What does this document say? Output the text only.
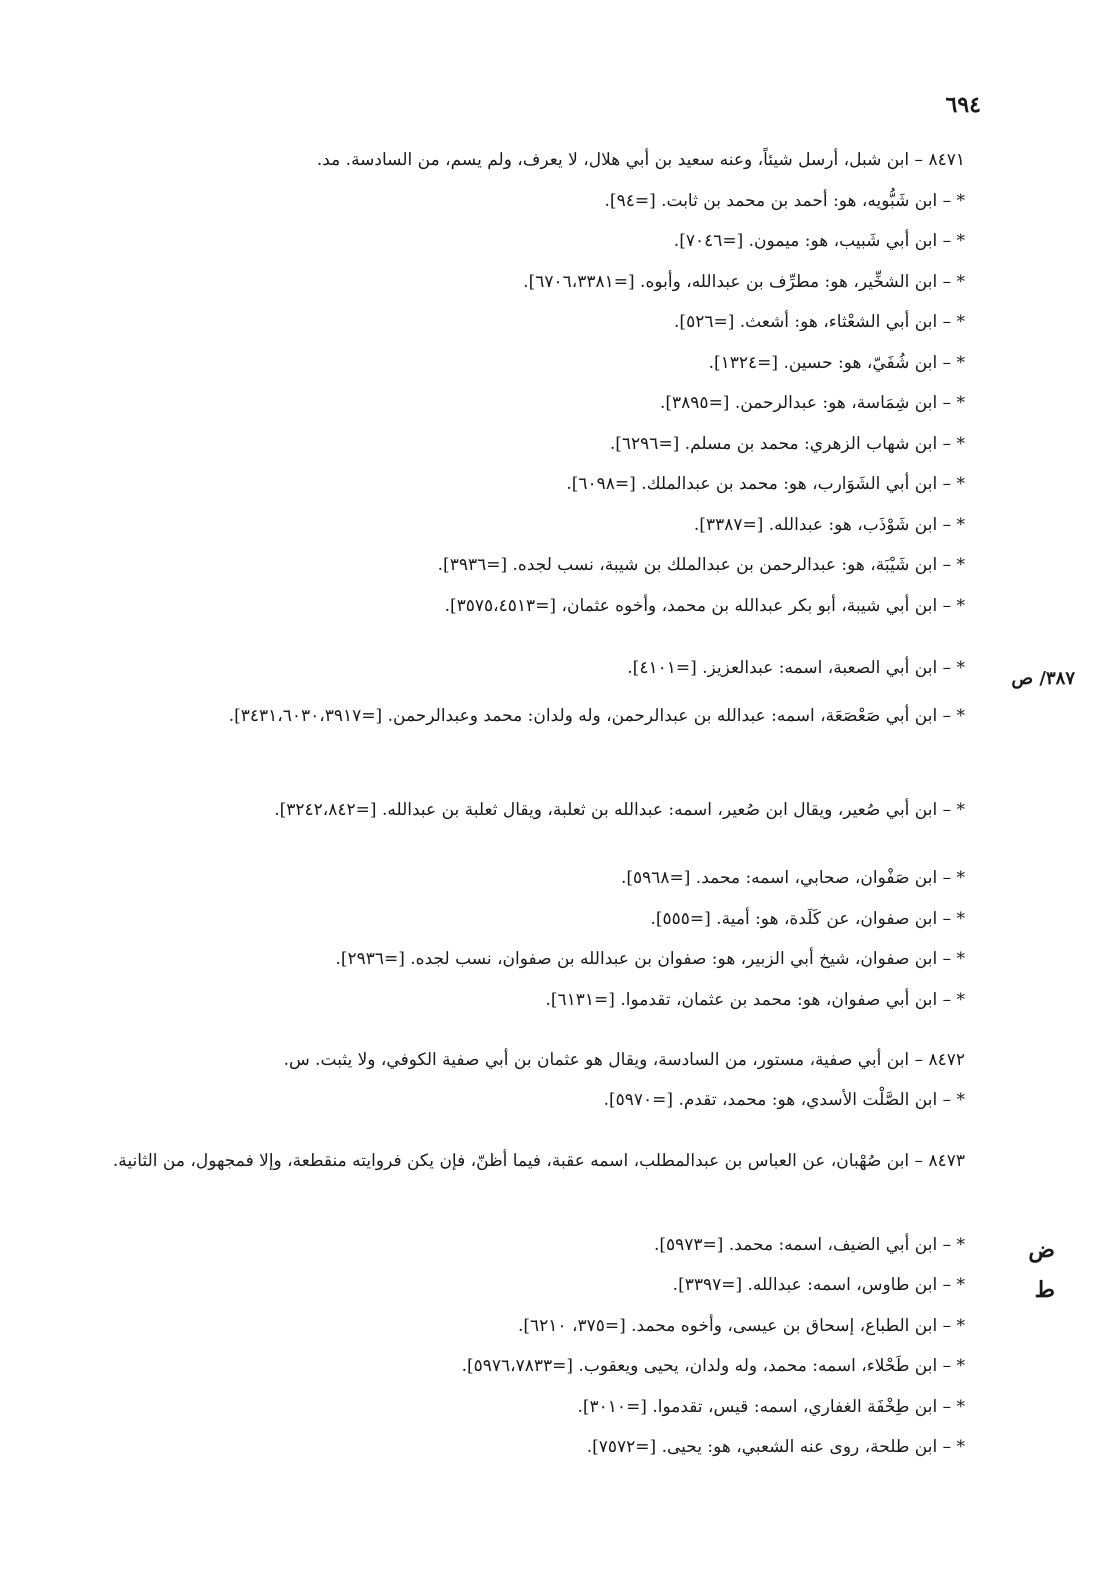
٦٩٤
٣٨٧/ ص
ض
ط
٨٤٧١ – ابن شبل، أرسل شيئاً، وعنه سعيد بن أبي هلال، لا يعرف، ولم يسم، من السادسة. مد.
* – ابن شَبُّويه، هو: أحمد بن محمد بن ثابت. [=٩٤].
* – ابن أبي شَبيب، هو: ميمون. [=٧٠٤٦].
* – ابن الشخِّير، هو: مطرِّف بن عبدالله، وأبوه. [=٦٧٠٦،٣٣٨١].
* – ابن أبي الشعْثاء، هو: أشعث. [=٥٢٦].
* – ابن شُفَيّ، هو: حسين. [=١٣٢٤].
* – ابن شِمَاسة، هو: عبدالرحمن. [=٣٨٩٥].
* – ابن شهاب الزهري: محمد بن مسلم. [=٦٢٩٦].
* – ابن أبي الشَوَارب، هو: محمد بن عبدالملك. [=٦٠٩٨].
* – ابن شَوْذَب، هو: عبدالله. [=٣٣٨٧].
* – ابن شَيْبَة، هو: عبدالرحمن بن عبدالملك بن شيبة، نسب لجده. [=٣٩٣٦].
* – ابن أبي شيبة، أبو بكر عبدالله بن محمد، وأخوه عثمان، [=٣٥٧٥،٤٥١٣].
* – ابن أبي الصعبة، اسمه: عبدالعزيز. [=٤١٠١].
* – ابن أبي صَعْصَعَة، اسمه: عبدالله بن عبدالرحمن، وله ولدان: محمد وعبدالرحمن. [=٣٤٣١،٦٠٣٠،٣٩١٧].
* – ابن أبي صُعير، ويقال ابن صُعير، اسمه: عبدالله بن ثعلبة، ويقال ثعلبة بن عبدالله. [=٣٢٤٢،٨٤٢].
* – ابن صَفْوان، صحابي، اسمه: محمد. [=٥٩٦٨].
* – ابن صفوان، عن كَلَدة، هو: أمية. [=٥٥٥].
* – ابن صفوان، شيخ أبي الزبير، هو: صفوان بن عبدالله بن صفوان، نسب لجده. [=٢٩٣٦].
* – ابن أبي صفوان، هو: محمد بن عثمان، تقدموا. [=٦١٣١].
٨٤٧٢ – ابن أبي صفية، مستور، من السادسة، ويقال هو عثمان بن أبي صفية الكوفي، ولا يثبت. س.
* – ابن الصَّلْت الأسدي، هو: محمد، تقدم. [=٥٩٧٠].
٨٤٧٣ – ابن صُهْبان، عن العباس بن عبدالمطلب، اسمه عقبة، فيما أظنّ، فإن يكن فروايته منقطعة، وإلا فمجهول، من الثانية.
* – ابن أبي الضيف، اسمه: محمد. [=٥٩٧٣].
* – ابن طاوس، اسمه: عبدالله. [=٣٣٩٧].
* – ابن الطباع، إسحاق بن عيسى، وأخوه محمد. [=٣٧٥، ٦٢١٠].
* – ابن طَحْلاء، اسمه: محمد، وله ولدان، يحيى ويعقوب. [=٥٩٧٦،٧٨٣٣].
* – ابن طِخْفَة الغفاري، اسمه: قيس، تقدموا. [=٣٠١٠].
* – ابن طلحة، روى عنه الشعبي، هو: يحيى. [=٧٥٧٢].
